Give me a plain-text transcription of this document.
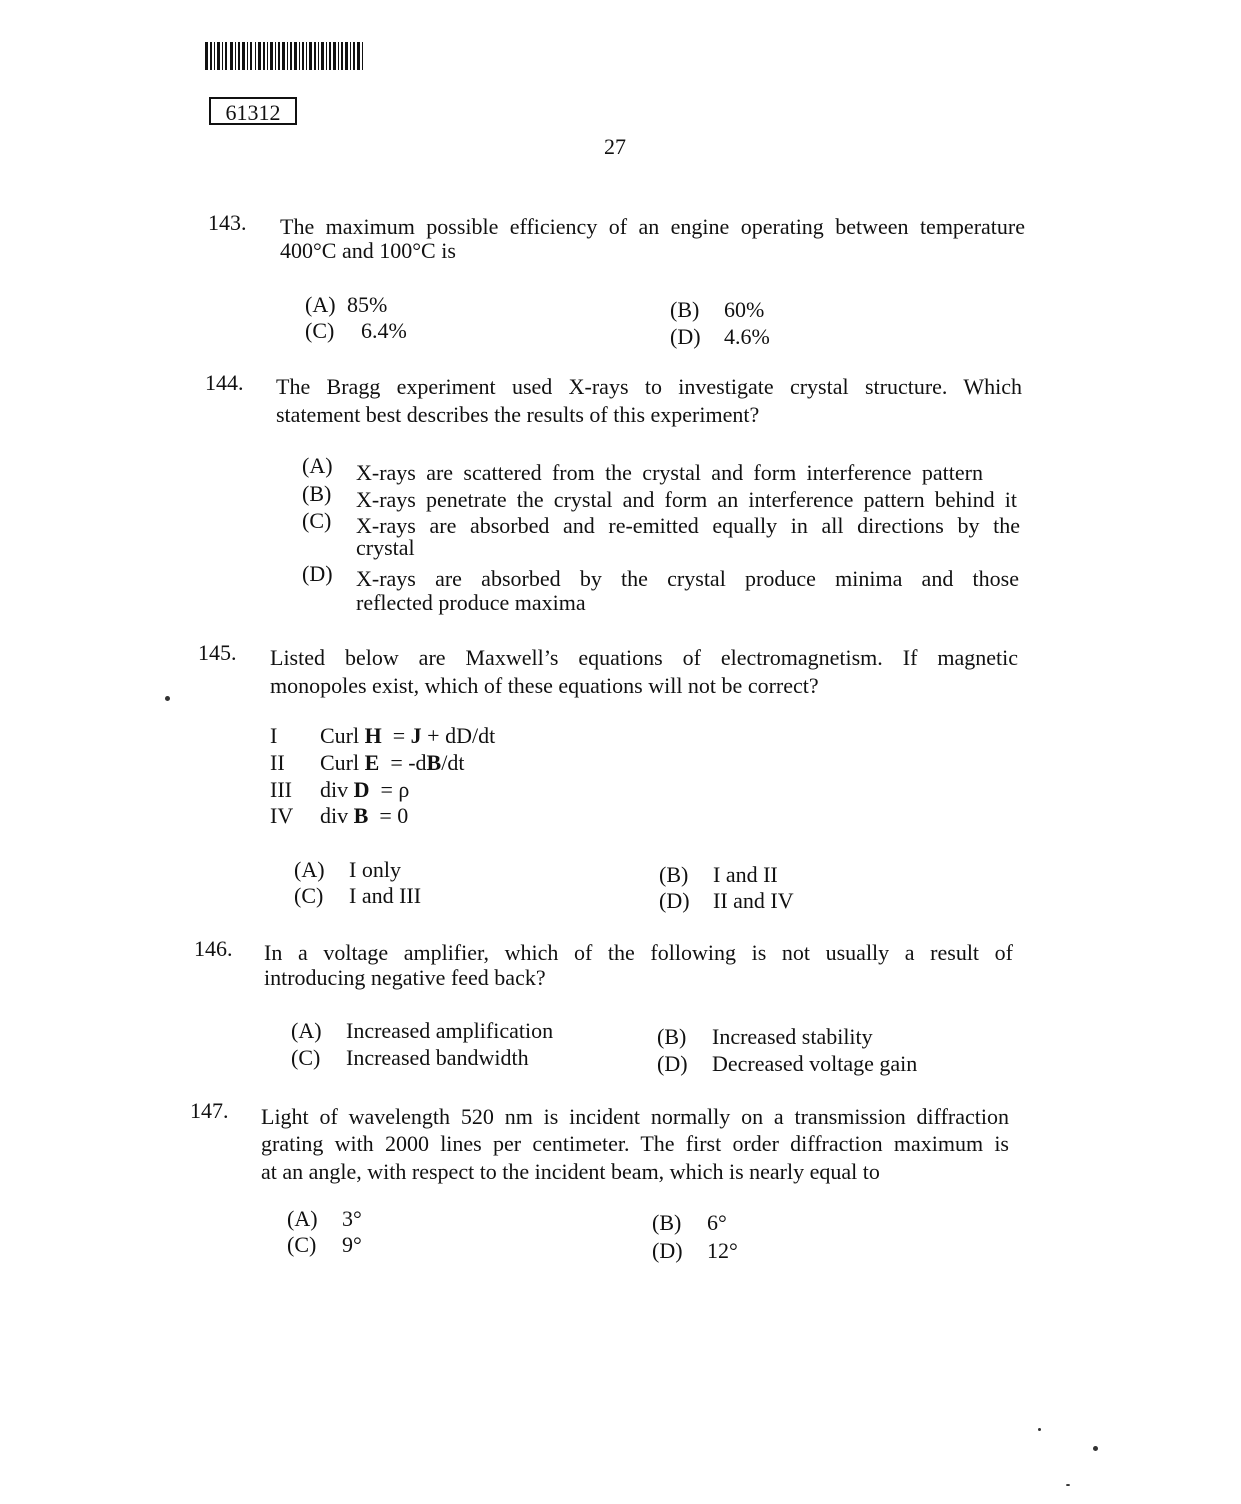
61312
27
143. The maximum possible efficiency of an engine operating between temperature
400°C and 100°C is
(A) 85%	(B) 60%
(C) 6.4%	(D) 4.6%
144. The Bragg experiment used X-rays to investigate crystal structure. Which
statement best describes the results of this experiment?
(A) X-rays are scattered from the crystal and form interference pattern
(B) X-rays penetrate the crystal and form an interference pattern behind it
(C) X-rays are absorbed and re-emitted equally in all directions by the
crystal
(D) X-rays are absorbed by the crystal produce minima and those
reflected produce maxima
145. Listed below are Maxwell’s equations of electromagnetism. If magnetic
monopoles exist, which of these equations will not be correct?
I Curl H = J + dD/dt
II Curl E = -dB/dt
III div D = ρ
IV div B = 0
(A) I only	(B) I and II
(C) I and III	(D) II and IV
146. In a voltage amplifier, which of the following is not usually a result of
introducing negative feed back?
(A) Increased amplification	(B) Increased stability
(C) Increased bandwidth	(D) Decreased voltage gain
147. Light of wavelength 520 nm is incident normally on a transmission diffraction
grating with 2000 lines per centimeter. The first order diffraction maximum is
at an angle, with respect to the incident beam, which is nearly equal to
(A) 3°	(B) 6°
(C) 9°	(D) 12°
